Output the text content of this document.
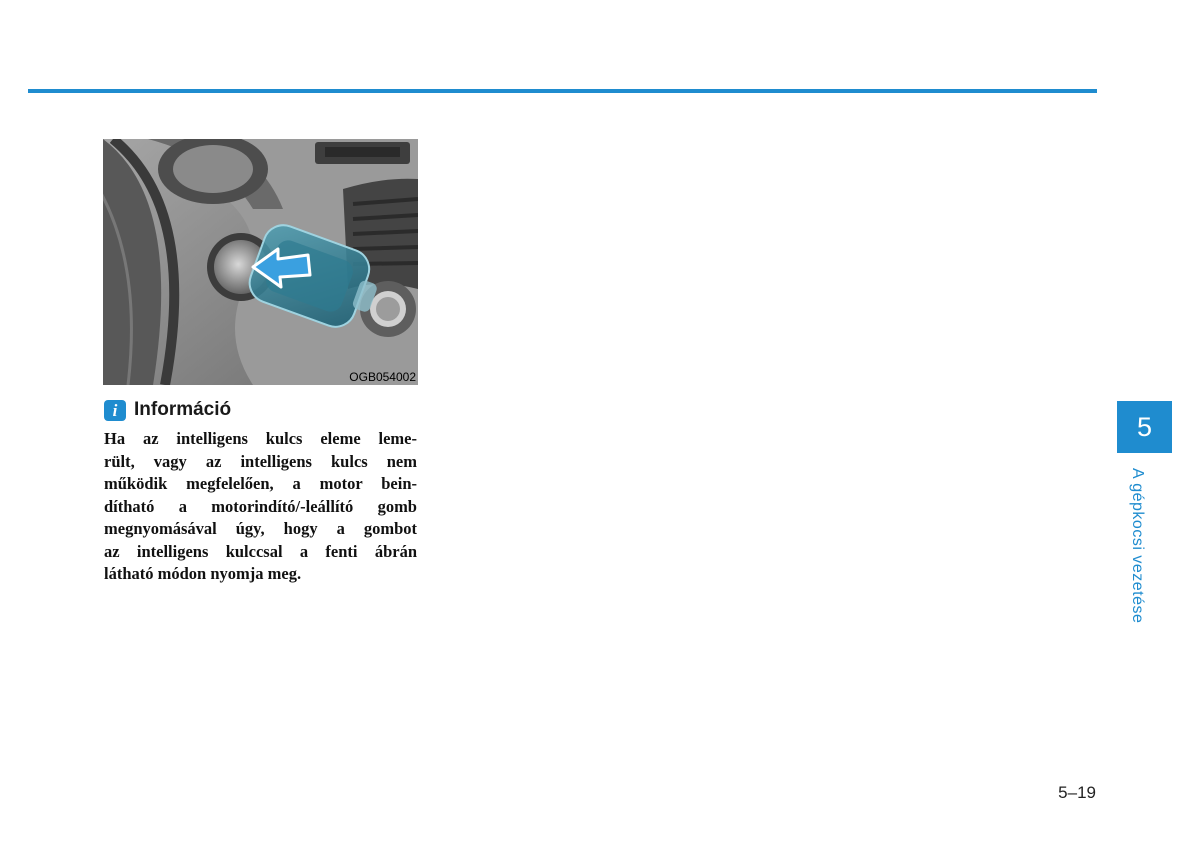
OGB054002
i Információ
Ha az intelligens kulcs eleme leme-
rült, vagy az intelligens kulcs nem
működik megfelelően, a motor bein-
dítható a motorindító/-leállító gomb
megnyomásával úgy, hogy a gombot
az intelligens kulccsal a fenti ábrán
látható módon nyomja meg.
5
A gépkocsi vezetése
5–19
